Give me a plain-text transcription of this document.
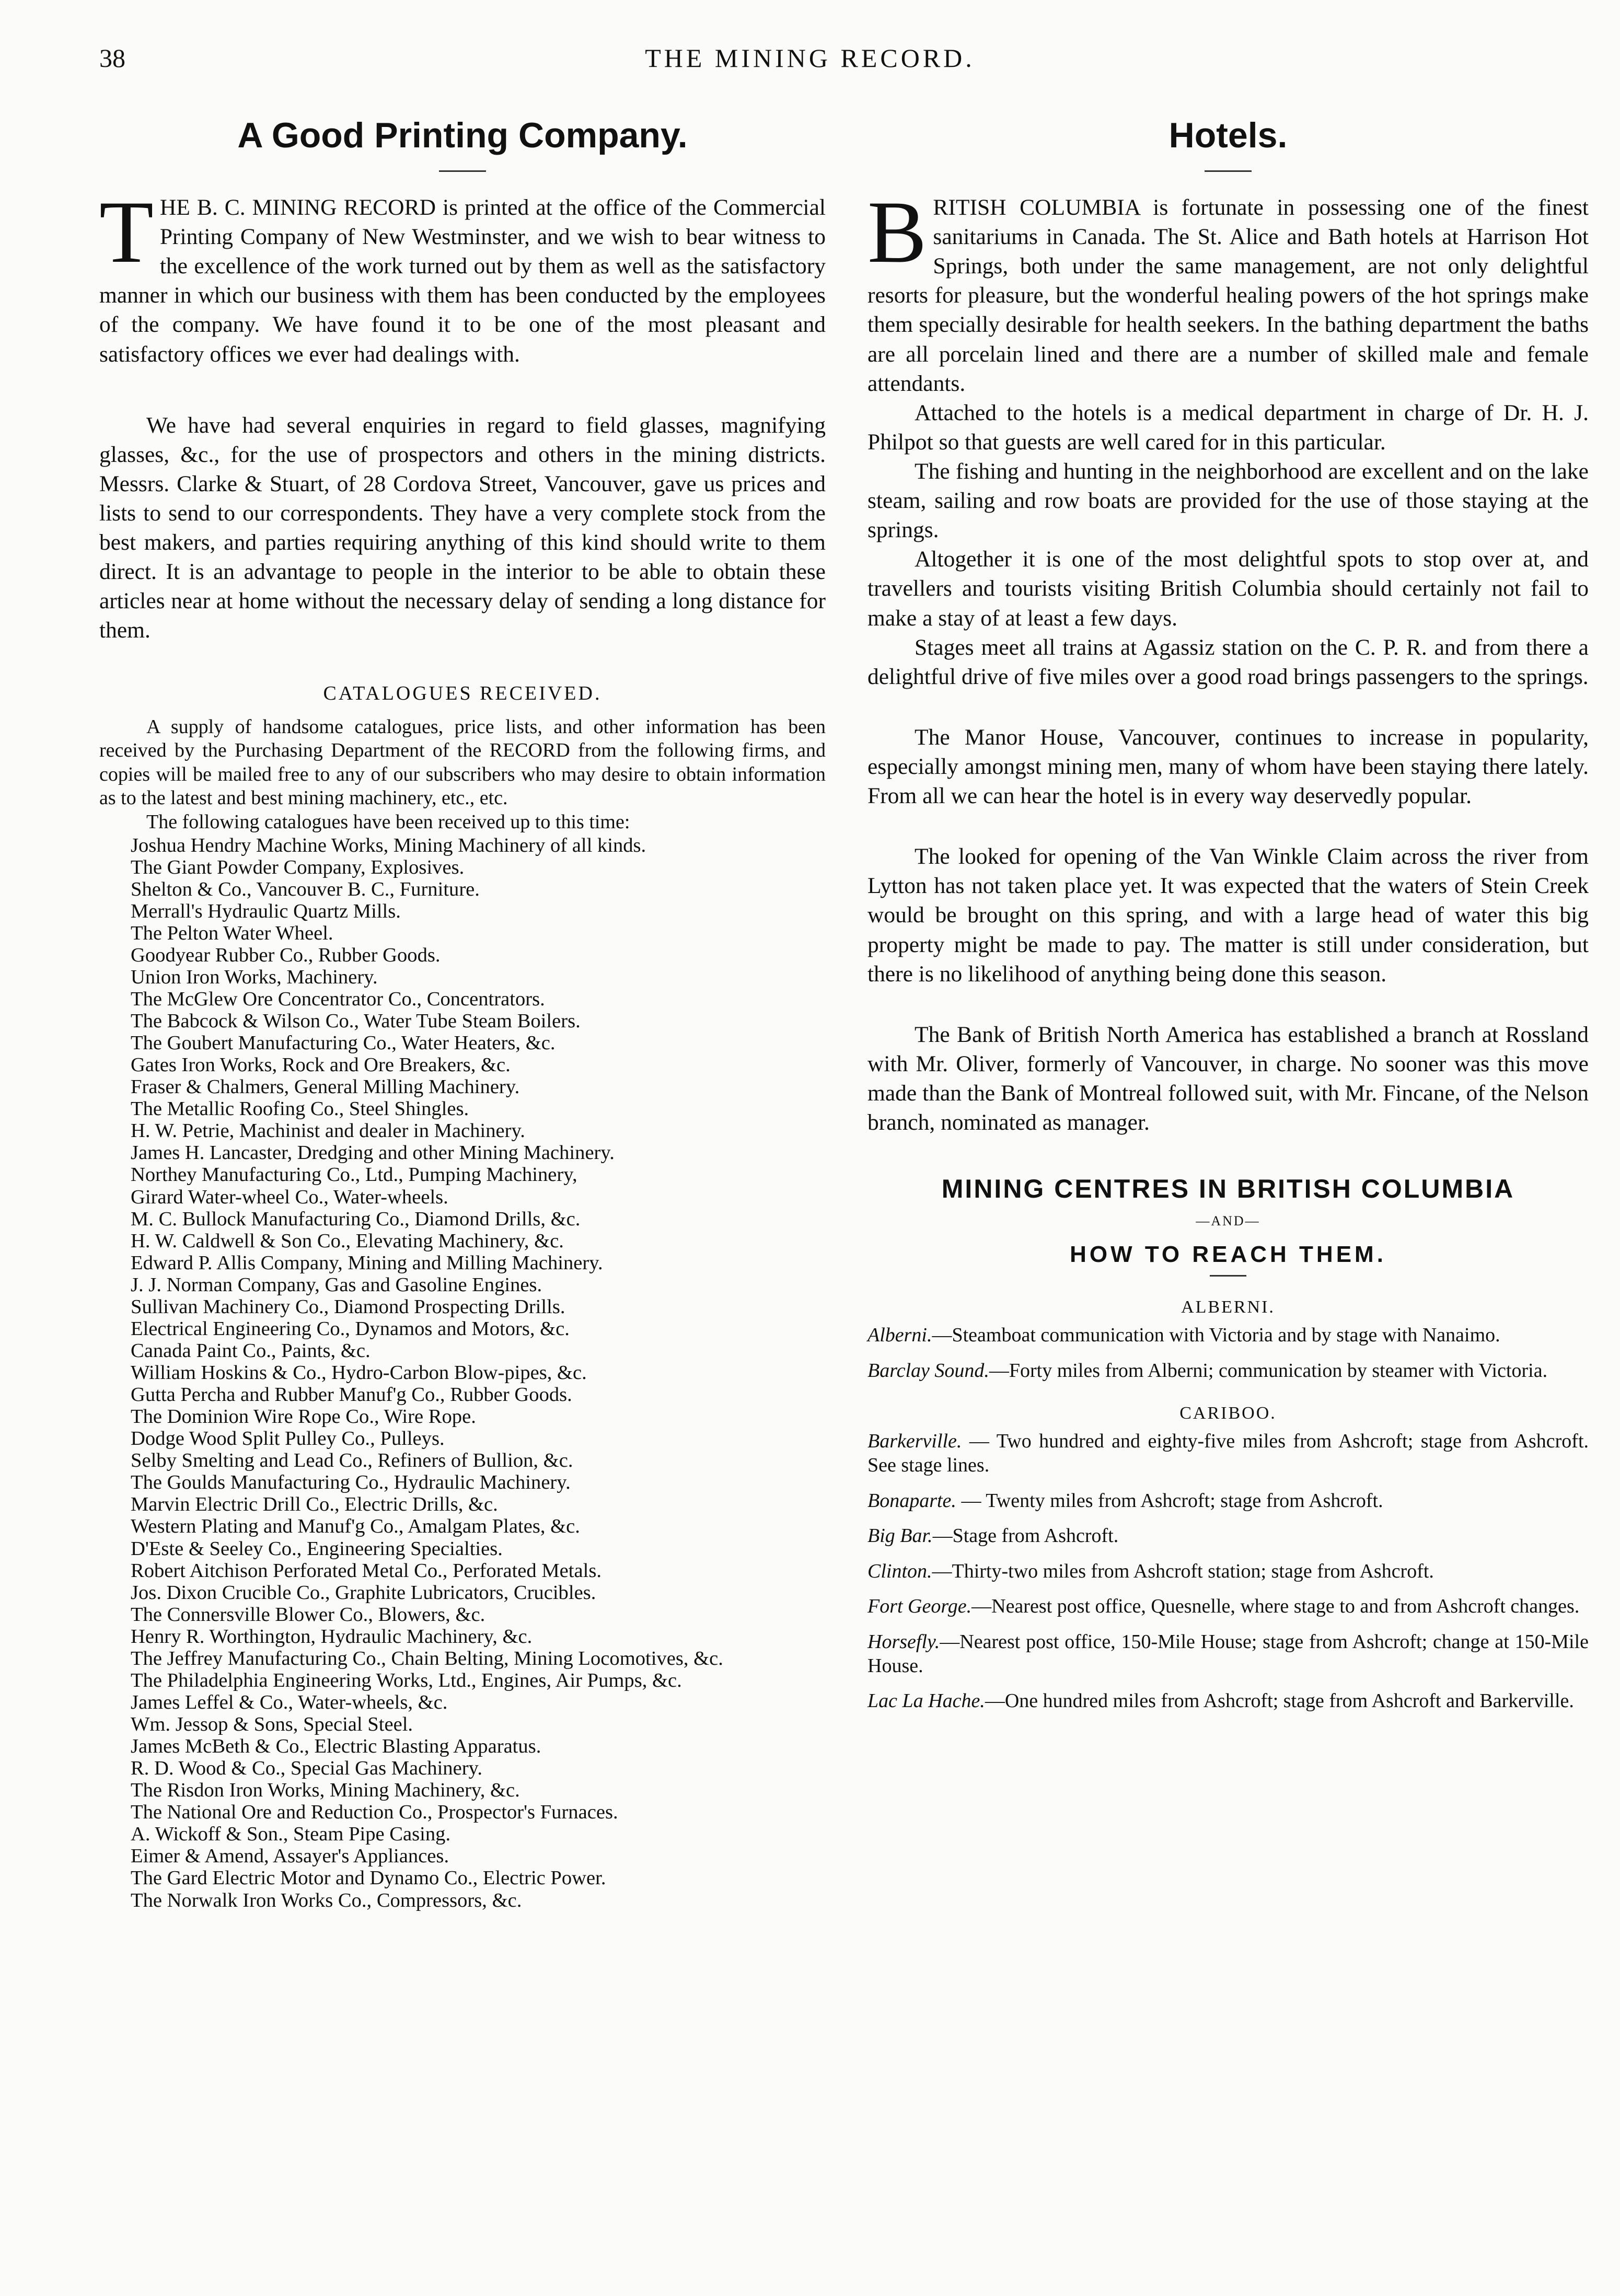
38	THE MINING RECORD.
A Good Printing Company.

T HE B. C. MINING RECORD is printed at the office of the Commercial Printing Company of New Westminster, and we wish to bear witness to the excellence of the work turned out by them as well as the satisfactory manner in which our business with them has been conducted by the employees of the company. We have found it to be one of the most pleasant and satisfactory offices we ever had dealings with.

We have had several enquiries in regard to field glasses, magnifying glasses, &c., for the use of prospectors and others in the mining districts. Messrs. Clarke & Stuart, of 28 Cordova Street, Vancouver, gave us prices and lists to send to our correspondents. They have a very complete stock from the best makers, and parties requiring anything of this kind should write to them direct. It is an advantage to people in the interior to be able to obtain these articles near at home without the necessary delay of sending a long distance for them.

CATALOGUES RECEIVED.

A supply of handsome catalogues, price lists, and other information has been received by the Purchasing Department of the RECORD from the following firms, and copies will be mailed free to any of our subscribers who may desire to obtain information as to the latest and best mining machinery, etc., etc.

The following catalogues have been received up to this time:

Joshua Hendry Machine Works, Mining Machinery of all kinds.
The Giant Powder Company, Explosives.
Shelton & Co., Vancouver B. C., Furniture.
Merrall's Hydraulic Quartz Mills.
The Pelton Water Wheel.
Goodyear Rubber Co., Rubber Goods.
Union Iron Works, Machinery.
The McGlew Ore Concentrator Co., Concentrators.
The Babcock & Wilson Co., Water Tube Steam Boilers.
The Goubert Manufacturing Co., Water Heaters, &c.
Gates Iron Works, Rock and Ore Breakers, &c.
Fraser & Chalmers, General Milling Machinery.
The Metallic Roofing Co., Steel Shingles.
H. W. Petrie, Machinist and dealer in Machinery.
James H. Lancaster, Dredging and other Mining Machinery.
Northey Manufacturing Co., Ltd., Pumping Machinery,
Girard Water-wheel Co., Water-wheels.
M. C. Bullock Manufacturing Co., Diamond Drills, &c.
H. W. Caldwell & Son Co., Elevating Machinery, &c.
Edward P. Allis Company, Mining and Milling Machinery.
J. J. Norman Company, Gas and Gasoline Engines.
Sullivan Machinery Co., Diamond Prospecting Drills.
Electrical Engineering Co., Dynamos and Motors, &c.
Canada Paint Co., Paints, &c.
William Hoskins & Co., Hydro-Carbon Blow-pipes, &c.
Gutta Percha and Rubber Manuf'g Co., Rubber Goods.
The Dominion Wire Rope Co., Wire Rope.
Dodge Wood Split Pulley Co., Pulleys.
Selby Smelting and Lead Co., Refiners of Bullion, &c.
The Goulds Manufacturing Co., Hydraulic Machinery.
Marvin Electric Drill Co., Electric Drills, &c.
Western Plating and Manuf'g Co., Amalgam Plates, &c.
D'Este & Seeley Co., Engineering Specialties.
Robert Aitchison Perforated Metal Co., Perforated Metals.
Jos. Dixon Crucible Co., Graphite Lubricators, Crucibles.
The Connersville Blower Co., Blowers, &c.
Henry R. Worthington, Hydraulic Machinery, &c.
The Jeffrey Manufacturing Co., Chain Belting, Mining Locomotives, &c.
The Philadelphia Engineering Works, Ltd., Engines, Air Pumps, &c.
James Leffel & Co., Water-wheels, &c.
Wm. Jessop & Sons, Special Steel.
James McBeth & Co., Electric Blasting Apparatus.
R. D. Wood & Co., Special Gas Machinery.
The Risdon Iron Works, Mining Machinery, &c.
The National Ore and Reduction Co., Prospector's Furnaces.
A. Wickoff & Son., Steam Pipe Casing.
Eimer & Amend, Assayer's Appliances.
The Gard Electric Motor and Dynamo Co., Electric Power.
The Norwalk Iron Works Co., Compressors, &c.
Hotels.

B RITISH COLUMBIA is fortunate in possessing one of the finest sanitariums in Canada. The St. Alice and Bath hotels at Harrison Hot Springs, both under the same management, are not only delightful resorts for pleasure, but the wonderful healing powers of the hot springs make them specially desirable for health seekers. In the bathing department the baths are all porcelain lined and there are a number of skilled male and female attendants.

Attached to the hotels is a medical department in charge of Dr. H. J. Philpot so that guests are well cared for in this particular.

The fishing and hunting in the neighborhood are excellent and on the lake steam, sailing and row boats are provided for the use of those staying at the springs.

Altogether it is one of the most delightful spots to stop over at, and travellers and tourists visiting British Columbia should certainly not fail to make a stay of at least a few days.

Stages meet all trains at Agassiz station on the C. P. R. and from there a delightful drive of five miles over a good road brings passengers to the springs.

The Manor House, Vancouver, continues to increase in popularity, especially amongst mining men, many of whom have been staying there lately. From all we can hear the hotel is in every way deservedly popular.

The looked for opening of the Van Winkle Claim across the river from Lytton has not taken place yet. It was expected that the waters of Stein Creek would be brought on this spring, and with a large head of water this big property might be made to pay. The matter is still under consideration, but there is no likelihood of anything being done this season.

The Bank of British North America has established a branch at Rossland with Mr. Oliver, formerly of Vancouver, in charge. No sooner was this move made than the Bank of Montreal followed suit, with Mr. Fincane, of the Nelson branch, nominated as manager.

MINING CENTRES IN BRITISH COLUMBIA
—AND—
HOW TO REACH THEM.
ALBERNI.

Alberni.—Steamboat communication with Victoria and by stage with Nanaimo.

Barclay Sound.—Forty miles from Alberni; communication by steamer with Victoria.

CARIBOO.

Barkerville. — Two hundred and eighty-five miles from Ashcroft; stage from Ashcroft. See stage lines.

Bonaparte. — Twenty miles from Ashcroft; stage from Ashcroft.

Big Bar.—Stage from Ashcroft.

Clinton.—Thirty-two miles from Ashcroft station; stage from Ashcroft.

Fort George.—Nearest post office, Quesnelle, where stage to and from Ashcroft changes.

Horsefly.—Nearest post office, 150-Mile House; stage from Ashcroft; change at 150-Mile House.

Lac La Hache.—One hundred miles from Ashcroft; stage from Ashcroft and Barkerville.
